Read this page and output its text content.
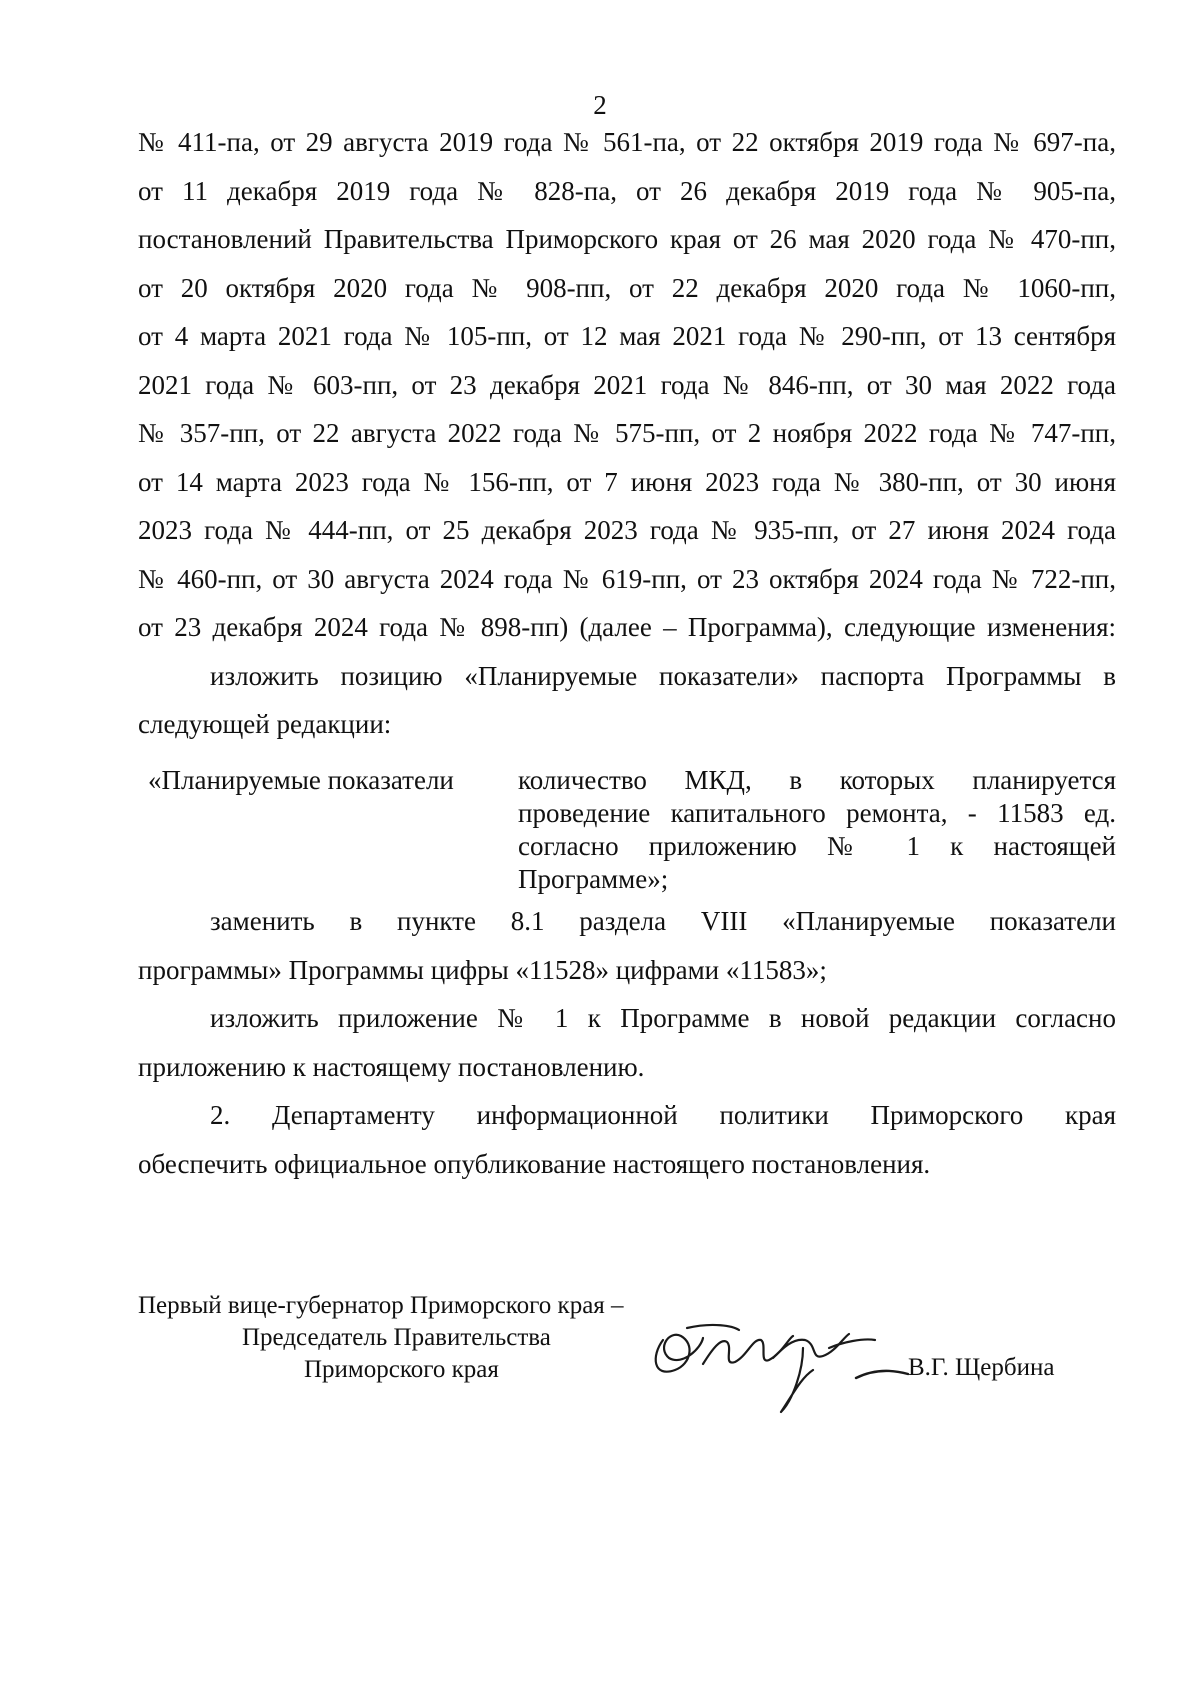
2
№ 411-па, от 29 августа 2019 года № 561-па, от 22 октября 2019 года № 697-па,
от 11 декабря 2019 года № 828-па, от 26 декабря 2019 года № 905-па,
постановлений Правительства Приморского края от 26 мая 2020 года № 470-пп,
от 20 октября 2020 года № 908-пп, от 22 декабря 2020 года № 1060-пп,
от 4 марта 2021 года № 105-пп, от 12 мая 2021 года № 290-пп, от 13 сентября
2021 года № 603-пп, от 23 декабря 2021 года № 846-пп, от 30 мая 2022 года
№ 357-пп, от 22 августа 2022 года № 575-пп, от 2 ноября 2022 года № 747-пп,
от 14 марта 2023 года № 156-пп, от 7 июня 2023 года № 380-пп, от 30 июня
2023 года № 444-пп, от 25 декабря 2023 года № 935-пп, от 27 июня 2024 года
№ 460-пп, от 30 августа 2024 года № 619-пп, от 23 октября 2024 года № 722-пп,
от 23 декабря 2024 года № 898-пп) (далее – Программа), следующие изменения:
изложить позицию «Планируемые показатели» паспорта Программы в
следующей редакции:
«Планируемые показатели количество МКД, в которых планируется
проведение капитального ремонта, - 11583 ед.
согласно приложению № 1 к настоящей
Программе»;
заменить в пункте 8.1 раздела VIII «Планируемые показатели
программы» Программы цифры «11528» цифрами «11583»;
изложить приложение № 1 к Программе в новой редакции согласно
приложению к настоящему постановлению.
2. Департаменту информационной политики Приморского края
обеспечить официальное опубликование настоящего постановления.
Первый вице-губернатор Приморского края –
Председатель Правительства
Приморского края	В.Г. Щербина
